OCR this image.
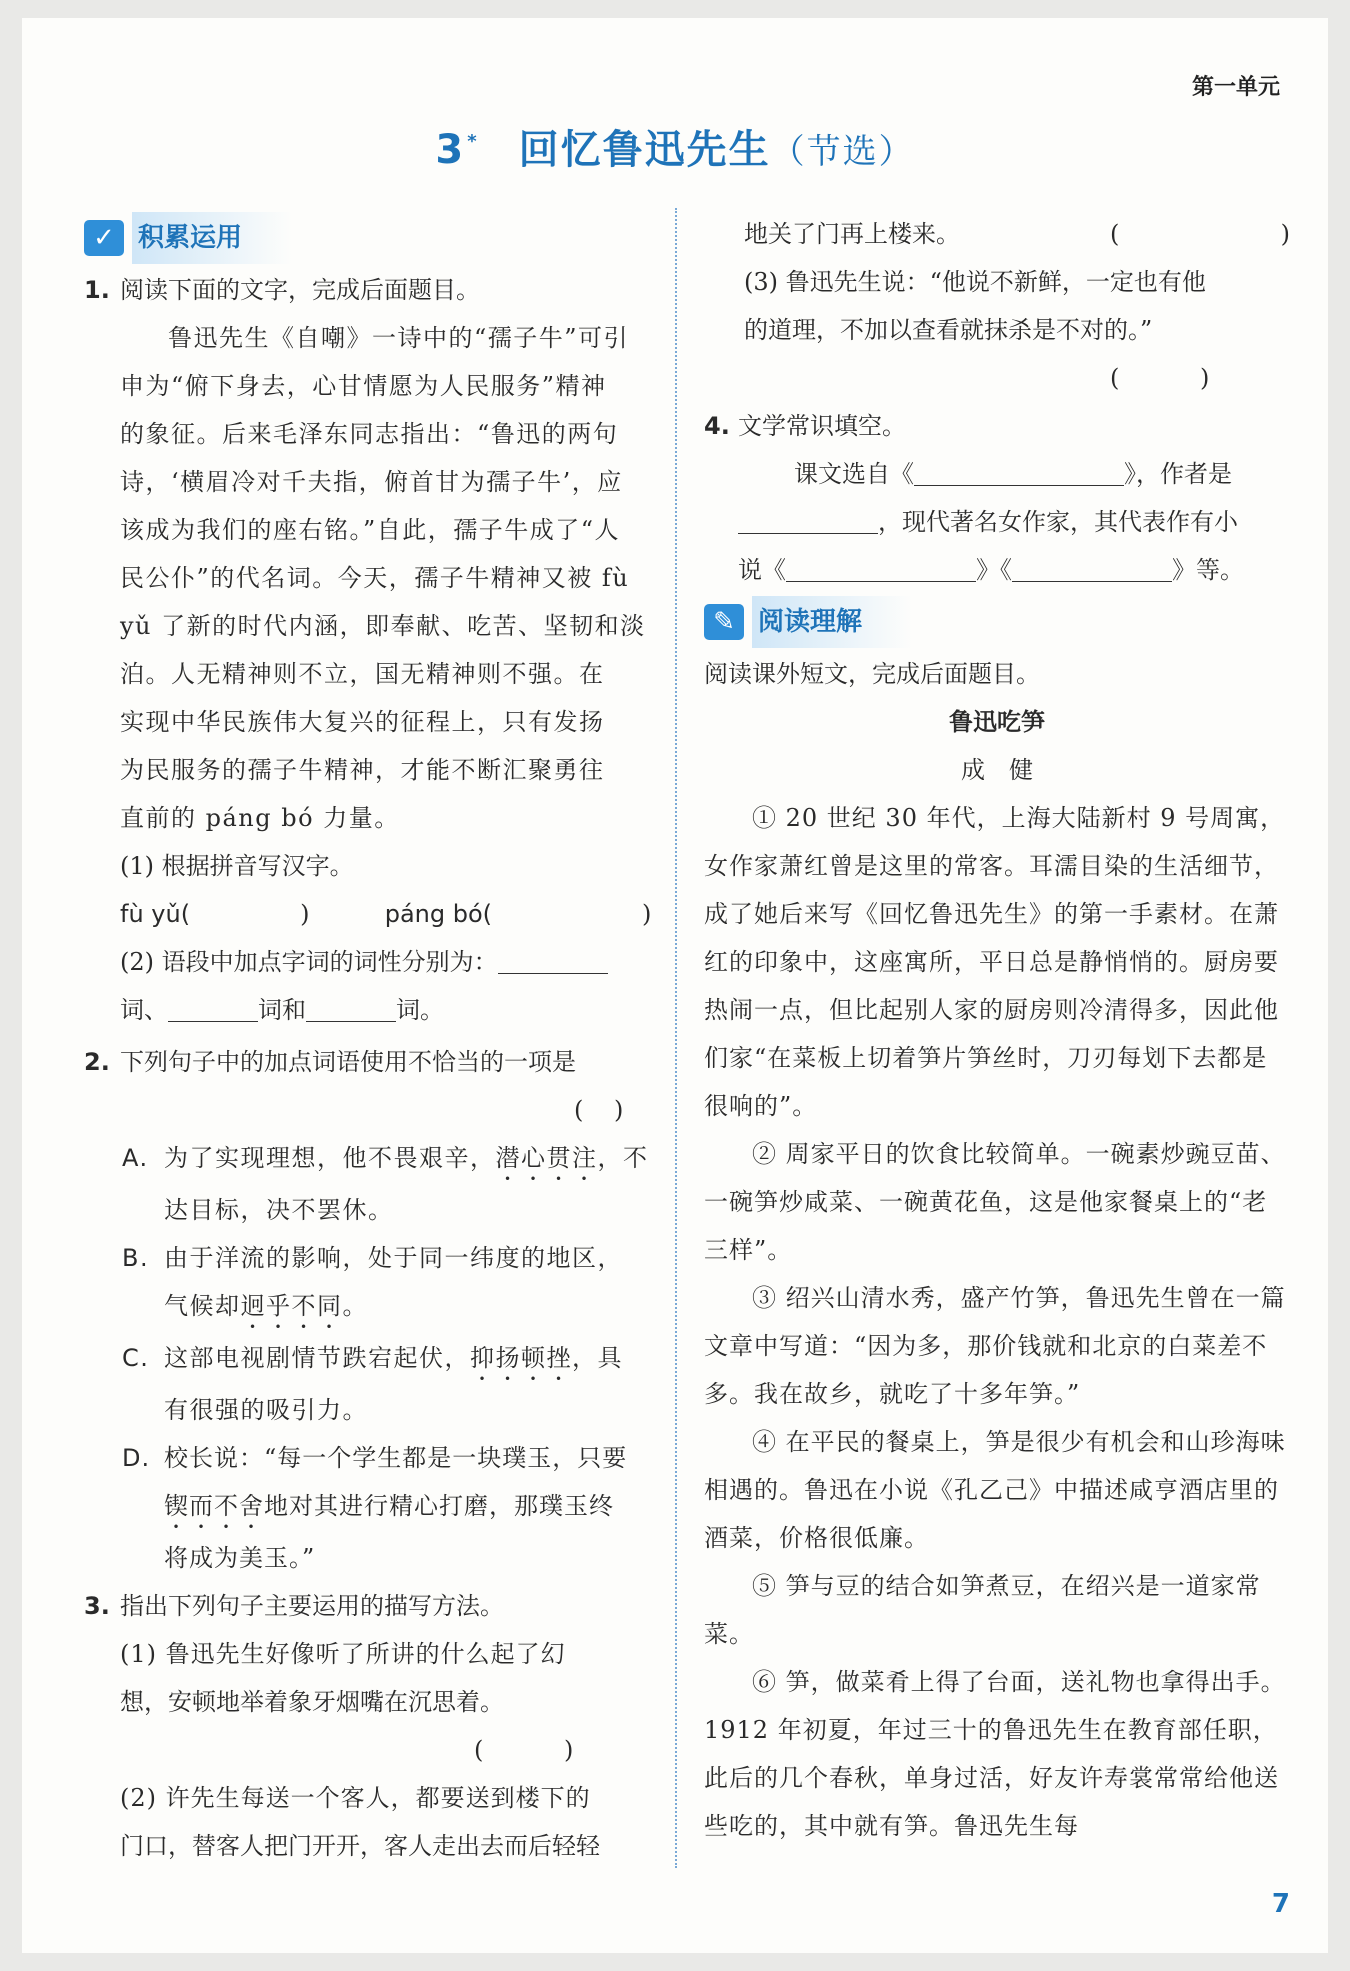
第一单元
3 * 回忆鲁迅先生（节选）
✓ 积累运用
1. 阅读下面的文字，完成后面题目。

鲁迅先生《自嘲》一诗中的“孺子牛”可引

申为“俯下身去，心甘情愿为人民服务”精神

的象征。后来毛泽东同志指出：“鲁迅的两句

诗，‘横眉冷对千夫指，俯首甘为孺子牛’，应

该成为我们的座右铭。”自此，孺子牛成了“人

民公仆”的代名词。今天，孺子牛精神又被 fù

yǔ 了新的时代内涵，即奉献、吃苦、坚韧和淡

泊。人无精神则不立，国无精神则不强。在

实现中华民族伟大复兴的征程上，只有发扬

为民服务的孺子牛精神，才能不断汇聚勇往

直前的 páng bó 力量。

(1) 根据拼音写汉字。

fù yǔ(	)	páng bó(	)

(2) 语段中加点字词的词性分别为：

词、	词和	词。

2. 下列句子中的加点词语使用不恰当的一项是

(	)
A. 为了实现理想，他不畏艰辛，潜心贯注，不

达目标，决不罢休。

B. 由于洋流的影响，处于同一纬度的地区，

气候却迥乎不同。

C. 这部电视剧情节跌宕起伏，抑扬顿挫，具

有很强的吸引力。

D. 校长说：“每一个学生都是一块璞玉，只要

锲而不舍地对其进行精心打磨，那璞玉终

将成为美玉。”

3. 指出下列句子主要运用的描写方法。

(1) 鲁迅先生好像听了所讲的什么起了幻

想，安顿地举着象牙烟嘴在沉思着。

(	)

(2) 许先生每送一个客人，都要送到楼下的

门口，替客人把门开开，客人走出去而后轻轻

地关了门再上楼来。	(	)

(3) 鲁迅先生说：“他说不新鲜，一定也有他

的道理，不加以查看就抹杀是不对的。”

(	)
4. 文学常识填空。

课文选自《	》，作者是

，现代著名女作家，其代表作有小

说《	》《	》等。

✎ 阅读理解

阅读课外短文，完成后面题目。

鲁迅吃笋

成　健

① 20 世纪 30 年代，上海大陆新村 9 号周寓，女作家萧红曾是这里的常客。耳濡目染的生活细节，成了她后来写《回忆鲁迅先生》的第一手素材。在萧红的印象中，这座寓所，平日总是静悄悄的。厨房要热闹一点，但比起别人家的厨房则冷清得多，因此他们家“在菜板上切着笋片笋丝时，刀刃每划下去都是很响的”。

② 周家平日的饮食比较简单。一碗素炒豌豆苗、一碗笋炒咸菜、一碗黄花鱼，这是他家餐桌上的“老三样”。

③ 绍兴山清水秀，盛产竹笋，鲁迅先生曾在一篇文章中写道：“因为多，那价钱就和北京的白菜差不多。我在故乡，就吃了十多年笋。”

④ 在平民的餐桌上，笋是很少有机会和山珍海味相遇的。鲁迅在小说《孔乙己》中描述咸亨酒店里的酒菜，价格很低廉。

⑤ 笋与豆的结合如笋煮豆，在绍兴是一道家常菜。

⑥ 笋，做菜肴上得了台面，送礼物也拿得出手。1912 年初夏，年过三十的鲁迅先生在教育部任职，此后的几个春秋，单身过活，好友许寿裳常常给他送些吃的，其中就有笋。鲁迅先生每

7
